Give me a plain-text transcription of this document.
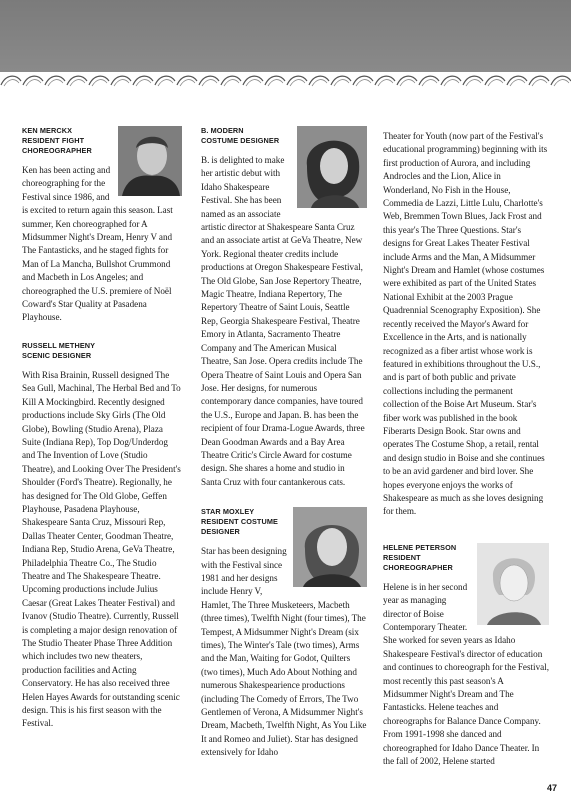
KEN MERCKX
RESIDENT FIGHT CHOREOGRAPHER

Ken has been acting and choreographing for the Festival since 1986, and is excited to return again this season. Last summer, Ken choreographed for A Midsummer Night's Dream, Henry V and The Fantasticks, and he staged fights for Man of La Mancha, Bullshot Crummond and Macbeth in Los Angeles; and choreographed the U.S. premiere of Noël Coward's Star Quality at Pasadena Playhouse.

RUSSELL METHENY
SCENIC DESIGNER

With Risa Brainin, Russell designed The Sea Gull, Machinal, The Herbal Bed and To Kill A Mockingbird. Recently designed productions include Sky Girls (The Old Globe), Bowling (Studio Arena), Plaza Suite (Indiana Rep), Top Dog/Underdog and The Invention of Love (Studio Theatre), and Looking Over The President's Shoulder (Ford's Theatre). Regionally, he has designed for The Old Globe, Geffen Playhouse, Pasadena Playhouse, Shakespeare Santa Cruz, Missouri Rep, Dallas Theater Center, Goodman Theatre, Indiana Rep, Studio Arena, GeVa Theatre, Philadelphia Theatre Co., The Studio Theatre and The Shakespeare Theatre. Upcoming productions include Julius Caesar (Great Lakes Theater Festival) and Ivanov (Studio Theatre). Currently, Russell is completing a major design renovation of The Studio Theater Phase Three Addition which includes two new theaters, production facilities and Acting Conservatory. He has also received three Helen Hayes Awards for outstanding scenic design. This is his first season with the Festival.

B. MODERN
COSTUME DESIGNER

B. is delighted to make her artistic debut with Idaho Shakespeare Festival. She has been named as an associate artistic director at Shakespeare Santa Cruz and an associate artist at GeVa Theatre, New York. Regional theater credits include productions at Oregon Shakespeare Festival, The Old Globe, San Jose Repertory Theatre, Magic Theatre, Indiana Repertory, The Repertory Theatre of Saint Louis, Seattle Rep, Georgia Shakespeare Festival, Theatre Emory in Atlanta, Sacramento Theatre Company and The American Musical Theatre, San Jose. Opera credits include The Opera Theatre of Saint Louis and Opera San Jose. Her designs, for numerous contemporary dance companies, have toured the U.S., Europe and Japan. B. has been the recipient of four Drama-Logue Awards, three Dean Goodman Awards and a Bay Area Theatre Critic's Circle Award for costume design. She shares a home and studio in Santa Cruz with four cantankerous cats.

STAR MOXLEY
RESIDENT COSTUME DESIGNER

Star has been designing with the Festival since 1981 and her designs include Henry V, Hamlet, The Three Musketeers, Macbeth (three times), Twelfth Night (four times), The Tempest, A Midsummer Night's Dream (six times), The Winter's Tale (two times), Arms and the Man, Waiting for Godot, Quilters (two times), Much Ado About Nothing and numerous Shakespearience productions (including The Comedy of Errors, The Two Gentlemen of Verona, A Midsummer Night's Dream, Macbeth, Twelfth Night, As You Like It and Romeo and Juliet). Star has designed extensively for Idaho

Theater for Youth (now part of the Festival's educational programming) beginning with its first production of Aurora, and including Androcles and the Lion, Alice in Wonderland, No Fish in the House, Commedia de Lazzi, Little Lulu, Charlotte's Web, Bremmen Town Blues, Jack Frost and this year's The Three Questions. Star's designs for Great Lakes Theater Festival include Arms and the Man, A Midsummer Night's Dream and Hamlet (whose costumes were exhibited as part of the United States National Exhibit at the 2003 Prague Quadrennial Scenography Exposition). She recently received the Mayor's Award for Excellence in the Arts, and is nationally recognized as a fiber artist whose work is featured in exhibitions throughout the U.S., and is part of both public and private collections including the permanent collection of the Boise Art Museum. Star's fiber work was published in the book Fiberarts Design Book. Star owns and operates The Costume Shop, a retail, rental and design studio in Boise and she continues to be an avid gardener and bird lover. She hopes everyone enjoys the works of Shakespeare as much as she loves designing for them.

HELENE PETERSON
RESIDENT CHOREOGRAPHER

Helene is in her second year as managing director of Boise Contemporary Theater. She worked for seven years as Idaho Shakespeare Festival's director of education and continues to choreograph for the Festival, most recently this past season's A Midsummer Night's Dream and The Fantasticks. Helene teaches and choreographs for Balance Dance Company. From 1991-1998 she danced and choreographed for Idaho Dance Theater. In the fall of 2002, Helene started

47
